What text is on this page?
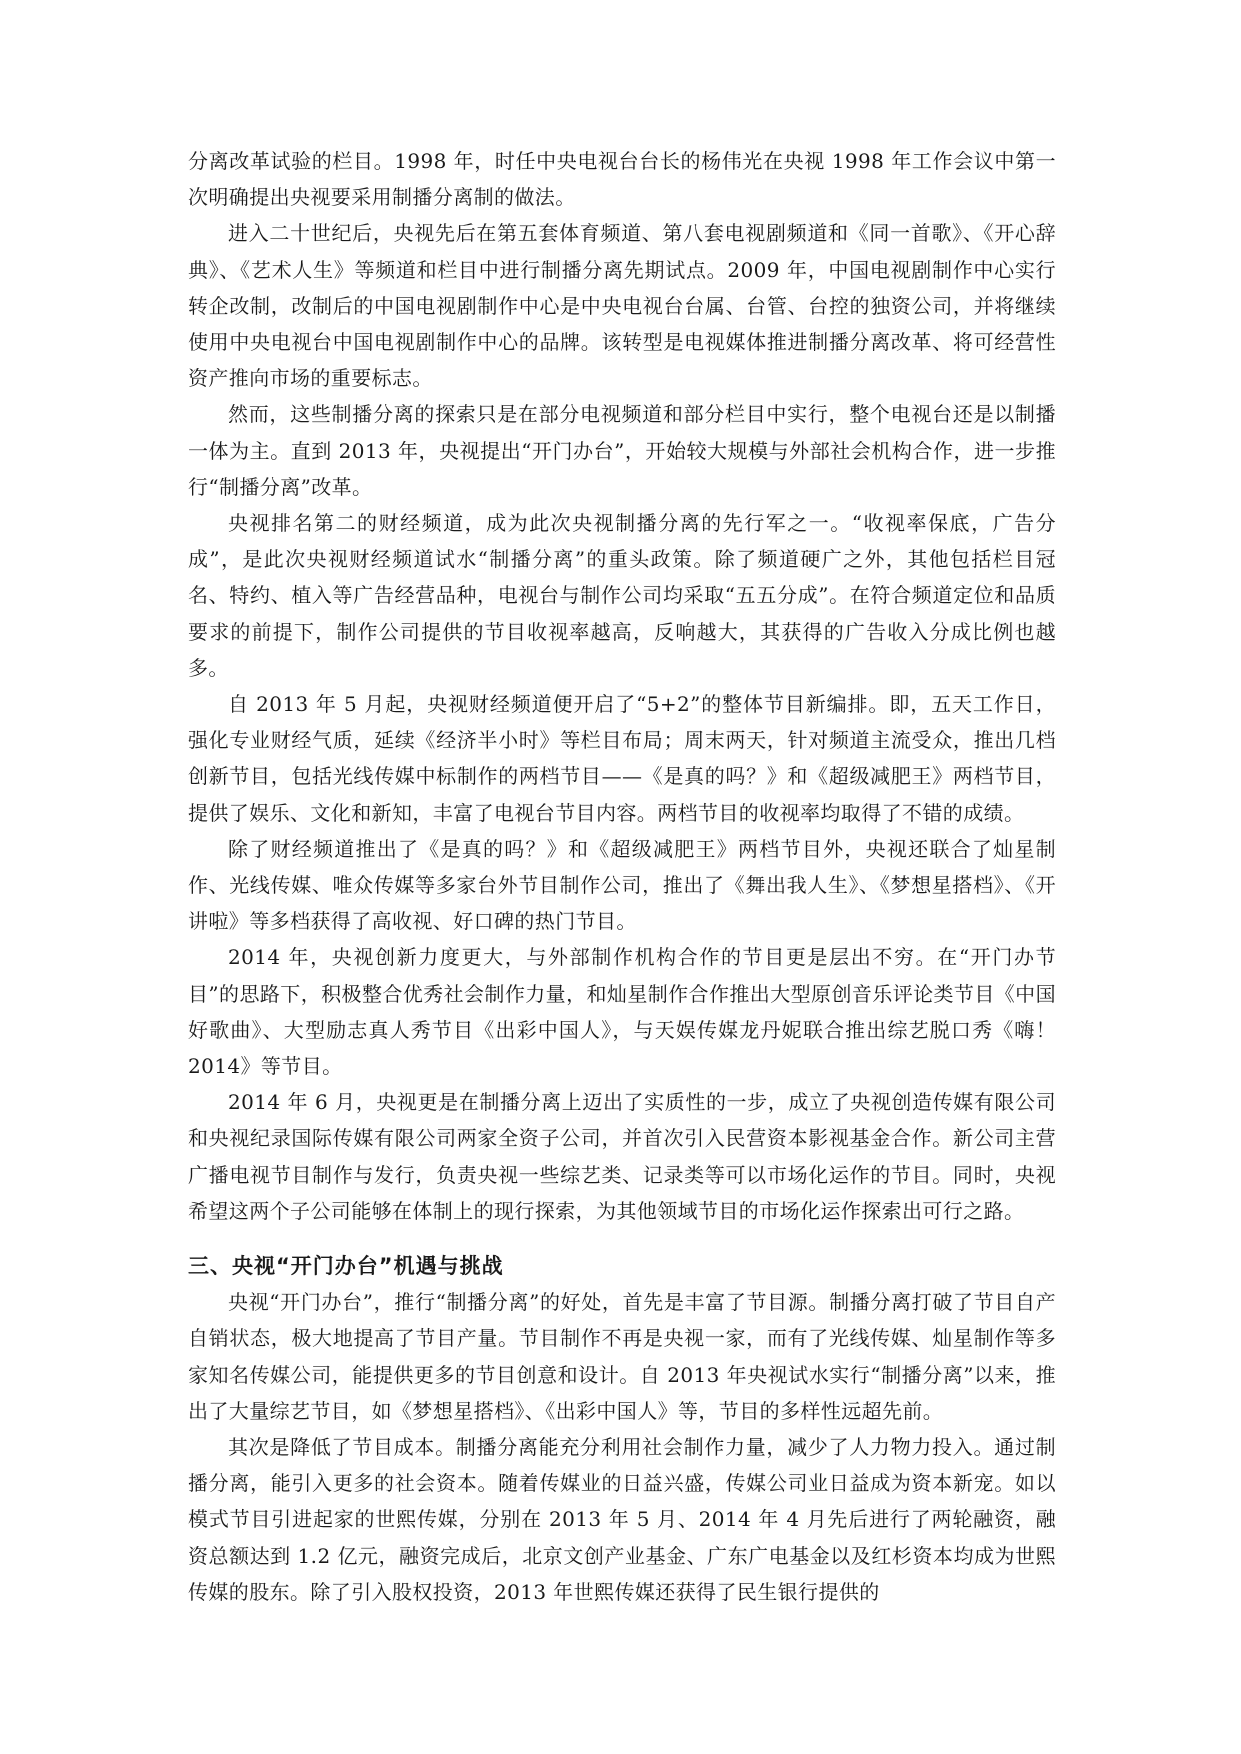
分离改革试验的栏目。1998 年，时任中央电视台台长的杨伟光在央视 1998 年工作会议中第一次明确提出央视要采用制播分离制的做法。

进入二十世纪后，央视先后在第五套体育频道、第八套电视剧频道和《同一首歌》、《开心辞典》、《艺术人生》等频道和栏目中进行制播分离先期试点。2009 年，中国电视剧制作中心实行转企改制，改制后的中国电视剧制作中心是中央电视台台属、台管、台控的独资公司，并将继续使用中央电视台中国电视剧制作中心的品牌。该转型是电视媒体推进制播分离改革、将可经营性资产推向市场的重要标志。

然而，这些制播分离的探索只是在部分电视频道和部分栏目中实行，整个电视台还是以制播一体为主。直到 2013 年，央视提出“开门办台”，开始较大规模与外部社会机构合作，进一步推行“制播分离”改革。

央视排名第二的财经频道，成为此次央视制播分离的先行军之一。“收视率保底，广告分成”，是此次央视财经频道试水“制播分离”的重头政策。除了频道硬广之外，其他包括栏目冠名、特约、植入等广告经营品种，电视台与制作公司均采取“五五分成”。在符合频道定位和品质要求的前提下，制作公司提供的节目收视率越高，反响越大，其获得的广告收入分成比例也越多。

自 2013 年 5 月起，央视财经频道便开启了“5+2”的整体节目新编排。即，五天工作日，强化专业财经气质，延续《经济半小时》等栏目布局；周末两天，针对频道主流受众，推出几档创新节目，包括光线传媒中标制作的两档节目——《是真的吗？》和《超级减肥王》两档节目，提供了娱乐、文化和新知，丰富了电视台节目内容。两档节目的收视率均取得了不错的成绩。

除了财经频道推出了《是真的吗？》和《超级减肥王》两档节目外，央视还联合了灿星制作、光线传媒、唯众传媒等多家台外节目制作公司，推出了《舞出我人生》、《梦想星搭档》、《开讲啦》等多档获得了高收视、好口碑的热门节目。

2014 年，央视创新力度更大，与外部制作机构合作的节目更是层出不穷。在“开门办节目”的思路下，积极整合优秀社会制作力量，和灿星制作合作推出大型原创音乐评论类节目《中国好歌曲》、大型励志真人秀节目《出彩中国人》，与天娱传媒龙丹妮联合推出综艺脱口秀《嗨！2014》等节目。

2014 年 6 月，央视更是在制播分离上迈出了实质性的一步，成立了央视创造传媒有限公司和央视纪录国际传媒有限公司两家全资子公司，并首次引入民营资本影视基金合作。新公司主营广播电视节目制作与发行，负责央视一些综艺类、记录类等可以市场化运作的节目。同时，央视希望这两个子公司能够在体制上的现行探索，为其他领域节目的市场化运作探索出可行之路。

三、央视“开门办台”机遇与挑战

央视“开门办台”，推行“制播分离”的好处，首先是丰富了节目源。制播分离打破了节目自产自销状态，极大地提高了节目产量。节目制作不再是央视一家，而有了光线传媒、灿星制作等多家知名传媒公司，能提供更多的节目创意和设计。自 2013 年央视试水实行“制播分离”以来，推出了大量综艺节目，如《梦想星搭档》、《出彩中国人》等，节目的多样性远超先前。

其次是降低了节目成本。制播分离能充分利用社会制作力量，减少了人力物力投入。通过制播分离，能引入更多的社会资本。随着传媒业的日益兴盛，传媒公司业日益成为资本新宠。如以模式节目引进起家的世熙传媒，分别在 2013 年 5 月、2014 年 4 月先后进行了两轮融资，融资总额达到 1.2 亿元，融资完成后，北京文创产业基金、广东广电基金以及红杉资本均成为世熙传媒的股东。除了引入股权投资，2013 年世熙传媒还获得了民生银行提供的
